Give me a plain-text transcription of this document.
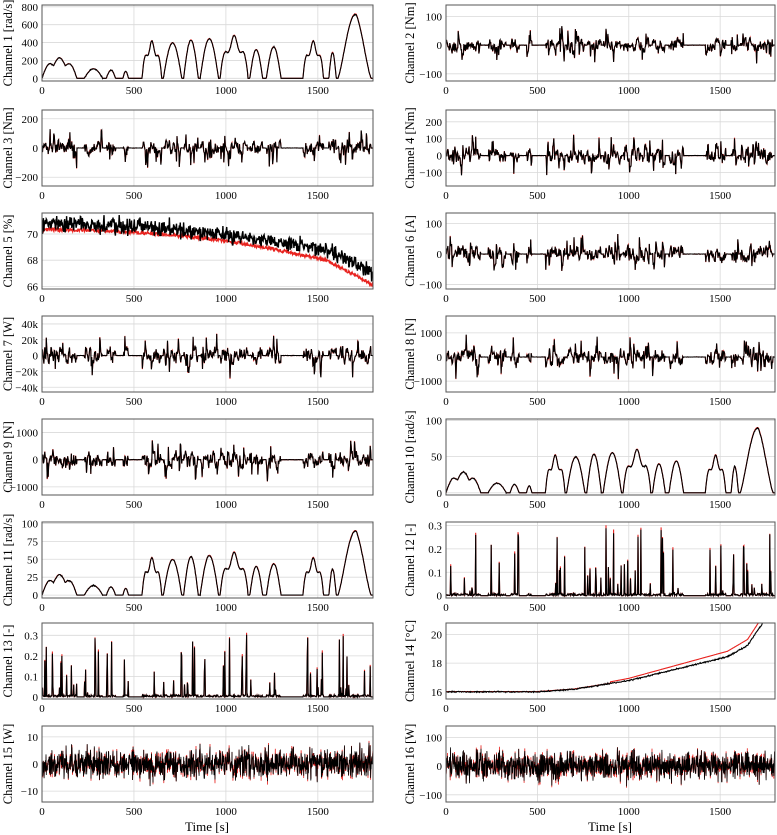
0	500	1000	1500
0
200
400
600
800
Channel 1 [rad/s]
0	500	1000	1500
−100
0
100
Channel 2 [Nm]
0	500	1000	1500
−200
0
200
Channel 3 [Nm]
0	500	1000	1500
−100
0
100
200
Channel 4 [Nm]
0	500	1000	1500
66
68
70
Channel 5 [%]
0	500	1000	1500
−100
0
100
Channel 6 [A]
0	500	1000	1500
−40k
−20k
0
20k
40k
Channel 7 [W]
0	500	1000	1500
−1000
0
1000
Channel 8 [N]
0	500	1000	1500
−1000
0
1000
Channel 9 [N]
0	500	1000	1500
0
50
100
Channel 10 [rad/s]
0	500	1000	1500
0
25
50
75
100
Channel 11 [rad/s]
0	500	1000	1500
0
0.1
0.2
0.3
Channel 12 [-]
0	500	1000	1500
0
0.1
0.2
0.3
Channel 13 [-]
0	500	1000	1500
16
18
20
Channel 14 [°C]
0	500	1000	1500
−10
0
10
Channel 15 [W]
0	500	1000	1500
−100
0
100
Channel 16 [W]
Time [s]	Time [s]
